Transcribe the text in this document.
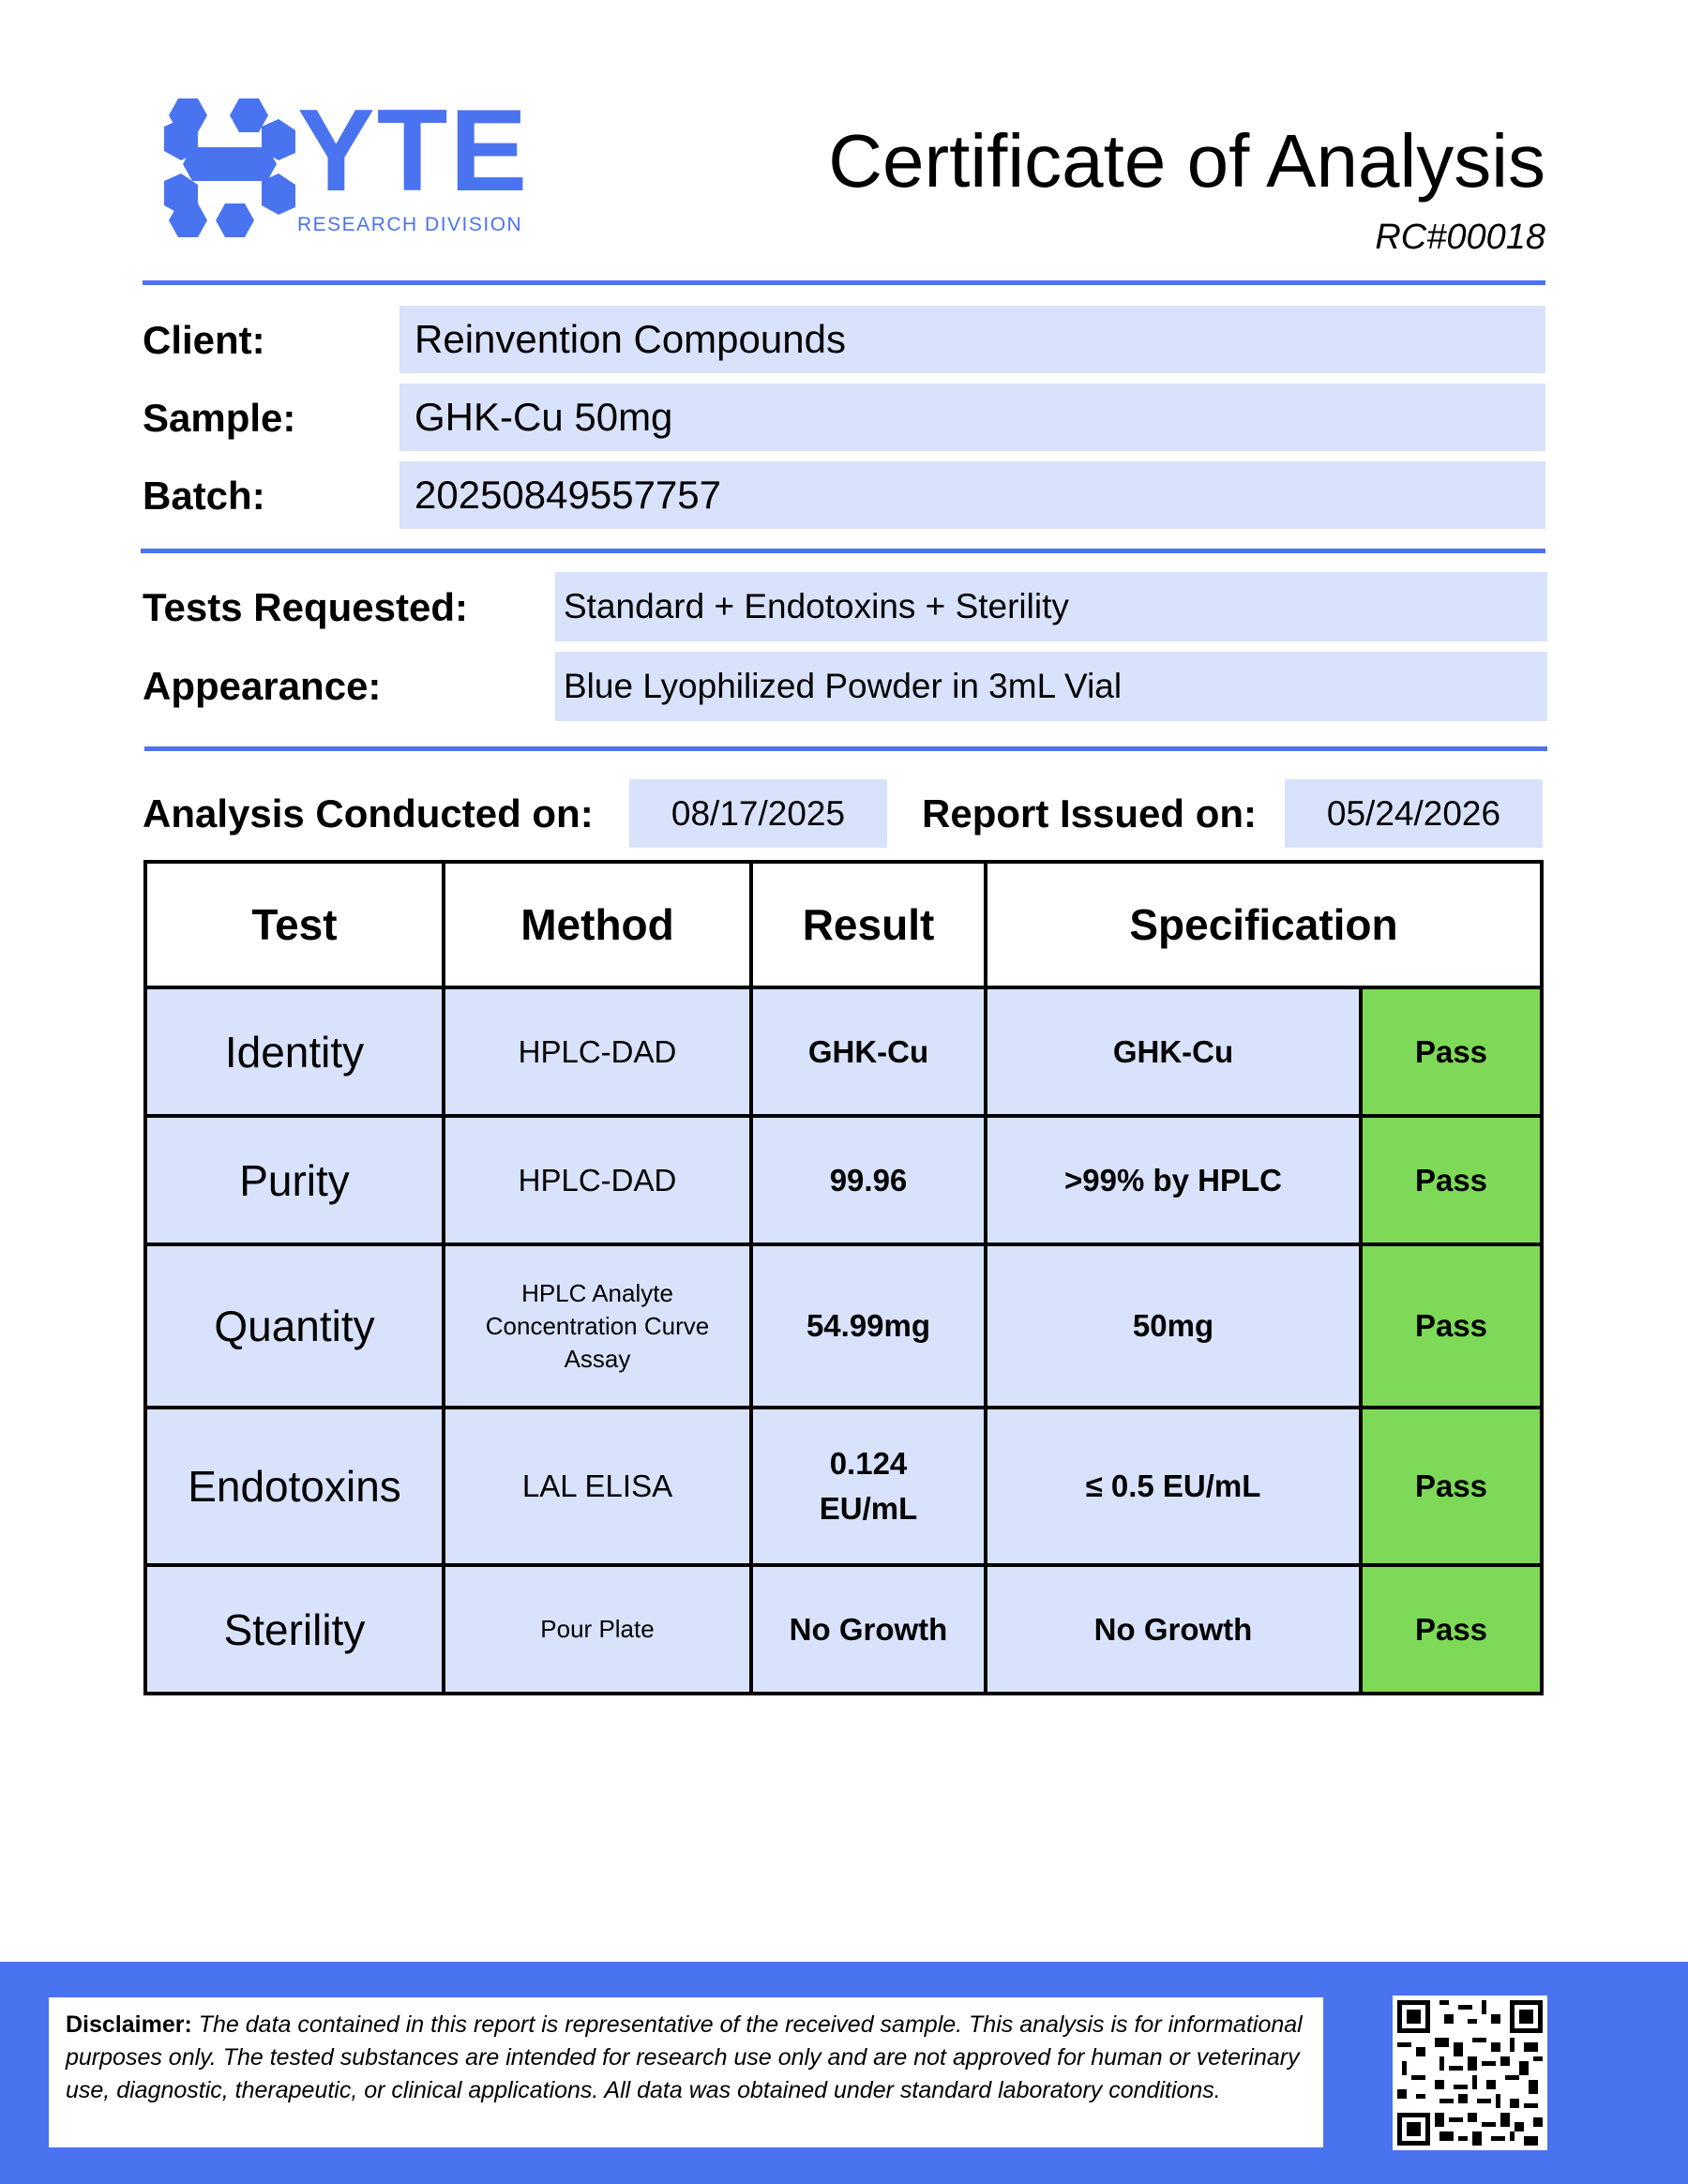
YTE
RESEARCH DIVISION
Certificate of Analysis
RC#00018
Client:	Reinvention Compounds
Sample:	GHK-Cu 50mg
Batch:	20250849557757
Tests Requested:	Standard + Endotoxins + Sterility
Appearance:	Blue Lyophilized Powder in 3mL Vial
Analysis Conducted on:	08/17/2025	Report Issued on:	05/24/2026
Test	Method	Result	Specification	
Identity	HPLC-DAD	GHK-Cu	GHK-Cu	Pass
Purity	HPLC-DAD	99.96	>99% by HPLC	Pass
Quantity	HPLC Analyte Concentration Curve Assay	54.99mg	50mg	Pass
Endotoxins	LAL ELISA	0.124 EU/mL	≤ 0.5 EU/mL	Pass
Sterility	Pour Plate	No Growth	No Growth	Pass
Disclaimer: The data contained in this report is representative of the received sample. This analysis is for informational purposes only. The tested substances are intended for research use only and are not approved for human or veterinary use, diagnostic, therapeutic, or clinical applications. All data was obtained under standard laboratory conditions.
